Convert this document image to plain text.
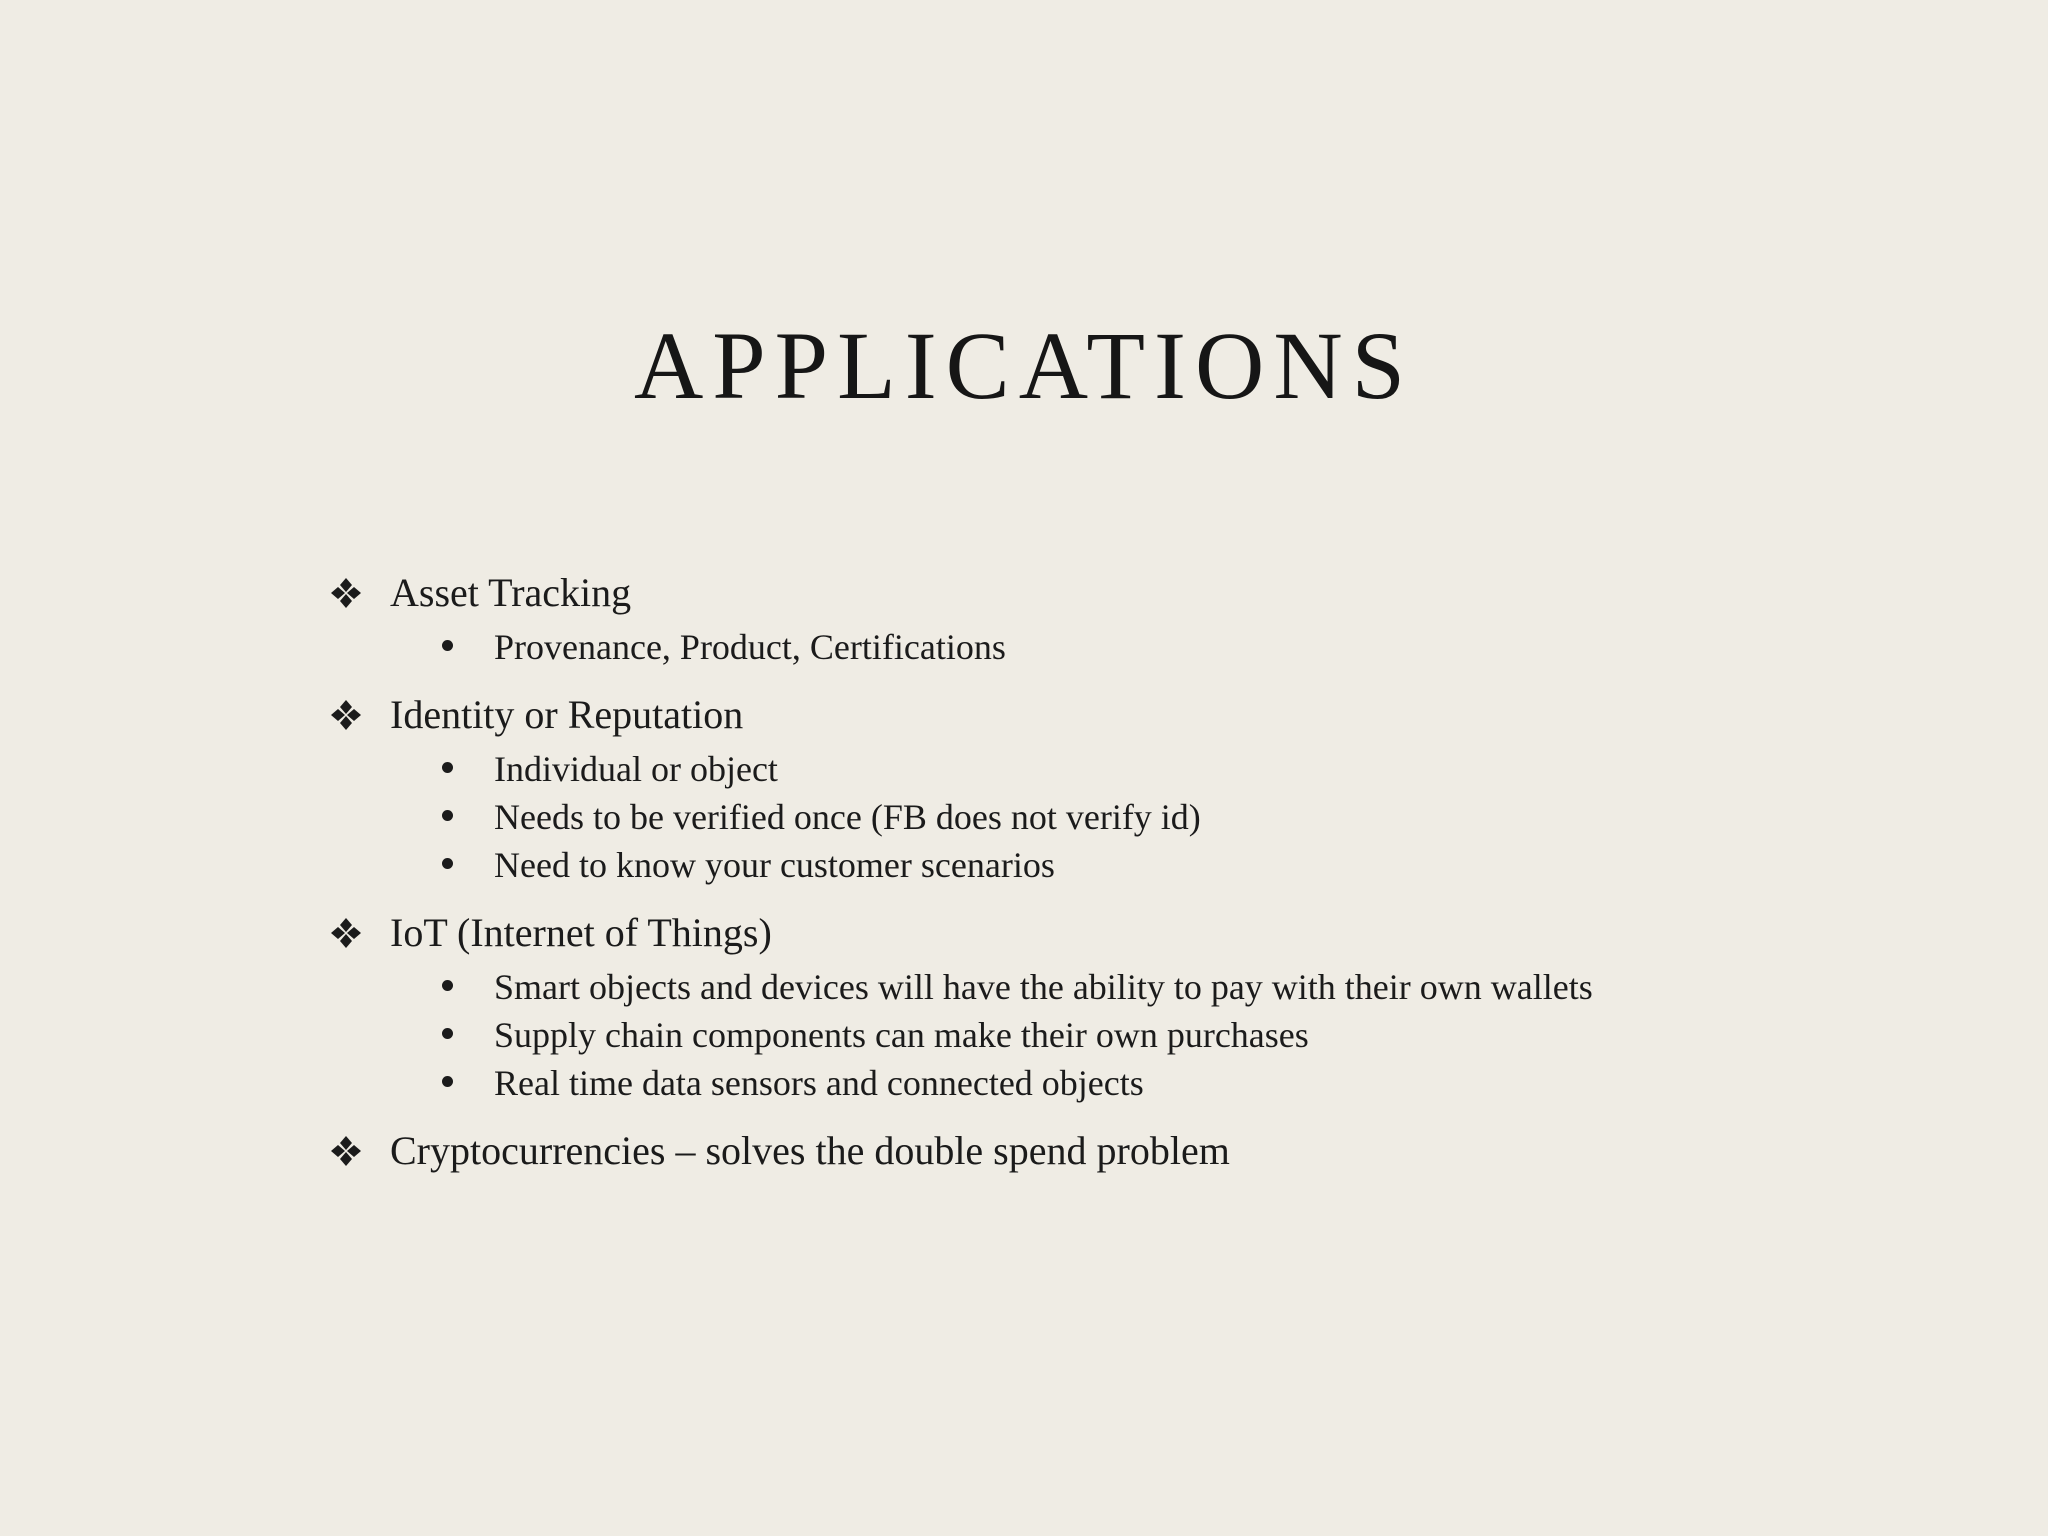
APPLICATIONS
Asset Tracking
Provenance, Product, Certifications
Identity or Reputation
Individual or object
Needs to be verified once (FB does not verify id)
Need to know your customer scenarios
IoT (Internet of Things)
Smart objects and devices will have the ability to pay with their own wallets
Supply chain components can make their own purchases
Real time data sensors and connected objects
Cryptocurrencies – solves the double spend problem
